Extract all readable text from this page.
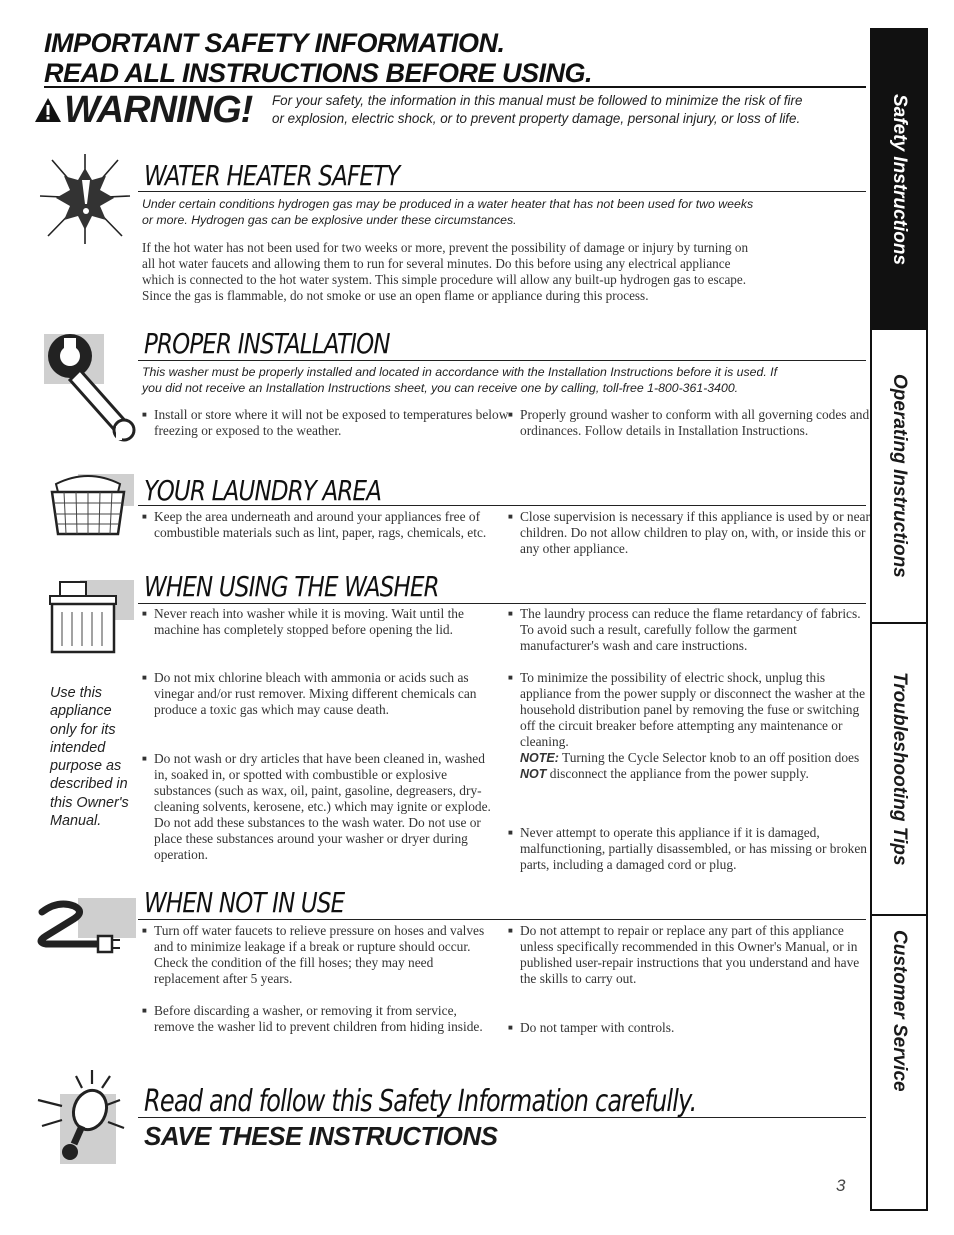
IMPORTANT SAFETY INFORMATION.

READ ALL INSTRUCTIONS BEFORE USING.

WARNING! For your safety, the information in this manual must be followed to minimize the risk of fire
or explosion, electric shock, or to prevent property damage, personal injury, or loss of life.
WATER HEATER SAFETY
Under certain conditions hydrogen gas may be produced in a water heater that has not been used for two weeks
or more. Hydrogen gas can be explosive under these circumstances.
If the hot water has not been used for two weeks or more, prevent the possibility of damage or injury by turning on
all hot water faucets and allowing them to run for several minutes. Do this before using any electrical appliance
which is connected to the hot water system. This simple procedure will allow any built-up hydrogen gas to escape.
Since the gas is flammable, do not smoke or use an open flame or appliance during this process.
PROPER INSTALLATION
This washer must be properly installed and located in accordance with the Installation Instructions before it is used. If
you did not receive an Installation Instructions sheet, you can receive one by calling, toll-free 1-800-361-3400.

■ Install or store where it will not be exposed to temperatures below freezing or exposed to the weather.

■ Properly ground washer to conform with all governing codes and ordinances. Follow details in Installation Instructions.

YOUR LAUNDRY AREA

■ Keep the area underneath and around your appliances free of combustible materials such as lint, paper, rags, chemicals, etc.

■ Close supervision is necessary if this appliance is used by or near children. Do not allow children to play on, with, or inside this or any other appliance.

WHEN USING THE WASHER

Use this appliance only for its intended purpose as described in this Owner's Manual.

■ Never reach into washer while it is moving. Wait until the machine has completely stopped before opening the lid.

■ Do not mix chlorine bleach with ammonia or acids such as vinegar and/or rust remover. Mixing different chemicals can produce a toxic gas which may cause death.

■ Do not wash or dry articles that have been cleaned in, washed in, soaked in, or spotted with combustible or explosive substances (such as wax, oil, paint, gasoline, degreasers, dry-cleaning solvents, kerosene, etc.) which may ignite or explode. Do not add these substances to the wash water. Do not use or place these substances around your washer or dryer during operation.

■ The laundry process can reduce the flame retardancy of fabrics. To avoid such a result, carefully follow the garment manufacturer's wash and care instructions.

■ To minimize the possibility of electric shock, unplug this appliance from the power supply or disconnect the washer at the household distribution panel by removing the fuse or switching off the circuit breaker before attempting any maintenance or cleaning.
NOTE: Turning the Cycle Selector knob to an off position does NOT disconnect the appliance from the power supply.

■ Never attempt to operate this appliance if it is damaged, malfunctioning, partially disassembled, or has missing or broken parts, including a damaged cord or plug.

WHEN NOT IN USE

■ Turn off water faucets to relieve pressure on hoses and valves and to minimize leakage if a break or rupture should occur. Check the condition of the fill hoses; they may need replacement after 5 years.

■ Before discarding a washer, or removing it from service, remove the washer lid to prevent children from hiding inside.

■ Do not attempt to repair or replace any part of this appliance unless specifically recommended in this Owner's Manual, or in published user-repair instructions that you understand and have the skills to carry out.

■ Do not tamper with controls.

Read and follow this Safety Information carefully.
SAVE THESE INSTRUCTIONS
3
Safety Instructions
Operating Instructions
Troubleshooting Tips
Customer Service
